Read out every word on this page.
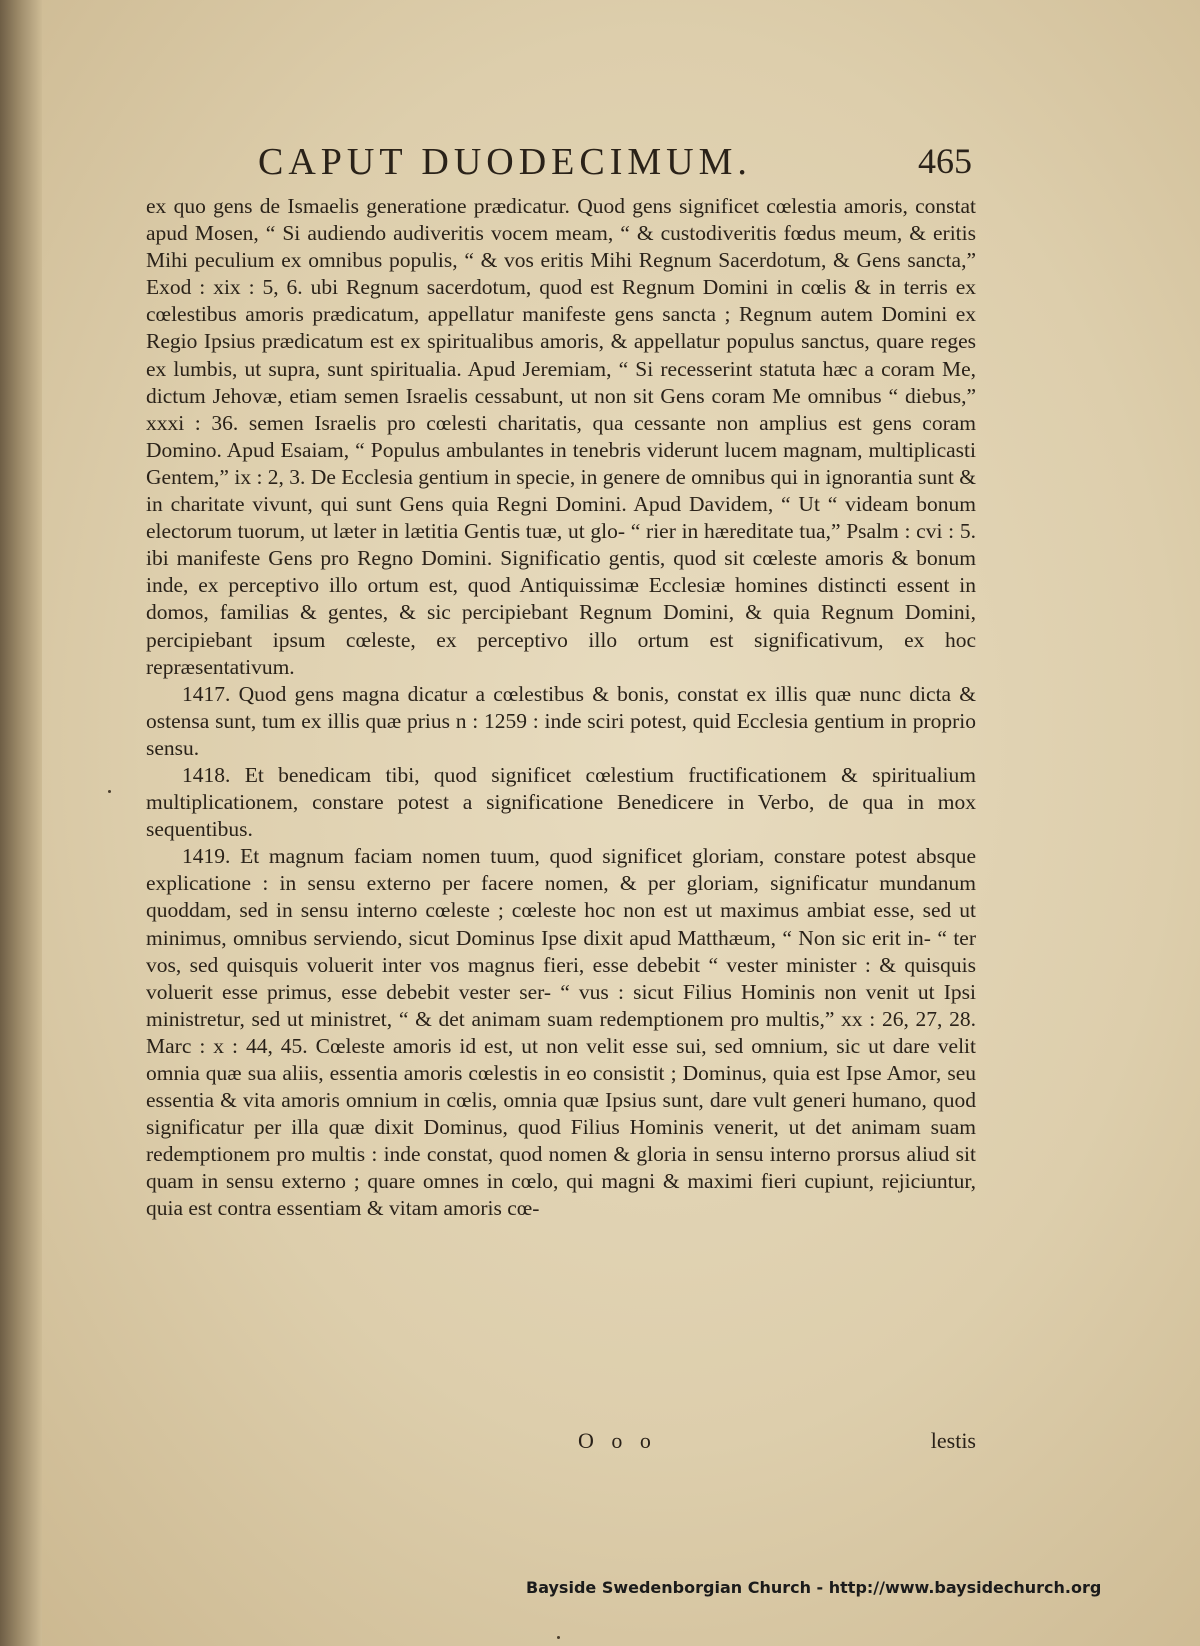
CAPUT DUODECIMUM.	465

ex quo gens de Ismaelis generatione prædicatur. Quod gens significet cœlestia amoris, constat apud Mosen, “ Si audiendo audiveritis vocem meam, “ & custodiveritis fœdus meum, & eritis Mihi peculium ex omnibus populis, “ & vos eritis Mihi Regnum Sacerdotum, & Gens sancta,” Exod : xix : 5, 6. ubi Regnum sacerdotum, quod est Regnum Domini in cœlis & in terris ex cœlestibus amoris prædicatum, appellatur manifeste gens sancta ; Regnum autem Domini ex Regio Ipsius prædicatum est ex spiritualibus amoris, & appellatur populus sanctus, quare reges ex lumbis, ut supra, sunt spiritualia. Apud Jeremiam, “ Si recesserint statuta hæc a coram Me, dictum Jehovæ, etiam semen Israelis cessabunt, ut non sit Gens coram Me omnibus “ diebus,” xxxi : 36. semen Israelis pro cœlesti charitatis, qua cessante non amplius est gens coram Domino. Apud Esaiam, “ Populus ambulantes in tenebris viderunt lucem magnam, multiplicasti Gentem,” ix : 2, 3. De Ecclesia gentium in specie, in genere de omnibus qui in ignorantia sunt & in charitate vivunt, qui sunt Gens quia Regni Domini. Apud Davidem, “ Ut “ videam bonum electorum tuorum, ut læter in lætitia Gentis tuæ, ut glo- “ rier in hæreditate tua,” Psalm : cvi : 5. ibi manifeste Gens pro Regno Domini. Significatio gentis, quod sit cœleste amoris & bonum inde, ex perceptivo illo ortum est, quod Antiquissimæ Ecclesiæ homines distincti essent in domos, familias & gentes, & sic percipiebant Regnum Domini, & quia Regnum Domini, percipiebant ipsum cœleste, ex perceptivo illo ortum est significativum, ex hoc repræsentativum.

1417. Quod gens magna dicatur a cœlestibus & bonis, constat ex illis quæ nunc dicta & ostensa sunt, tum ex illis quæ prius n : 1259 : inde sciri potest, quid Ecclesia gentium in proprio sensu.

1418. Et benedicam tibi, quod significet cœlestium fructificationem & spiritualium multiplicationem, constare potest a significatione Benedicere in Verbo, de qua in mox sequentibus.

1419. Et magnum faciam nomen tuum, quod significet gloriam, constare potest absque explicatione : in sensu externo per facere nomen, & per gloriam, significatur mundanum quoddam, sed in sensu interno cœleste ; cœleste hoc non est ut maximus ambiat esse, sed ut minimus, omnibus serviendo, sicut Dominus Ipse dixit apud Matthæum, “ Non sic erit in- “ ter vos, sed quisquis voluerit inter vos magnus fieri, esse debebit “ vester minister : & quisquis voluerit esse primus, esse debebit vester ser- “ vus : sicut Filius Hominis non venit ut Ipsi ministretur, sed ut ministret, “ & det animam suam redemptionem pro multis,” xx : 26, 27, 28. Marc : x : 44, 45. Cœleste amoris id est, ut non velit esse sui, sed omnium, sic ut dare velit omnia quæ sua aliis, essentia amoris cœlestis in eo consistit ; Dominus, quia est Ipse Amor, seu essentia & vita amoris omnium in cœlis, omnia quæ Ipsius sunt, dare vult generi humano, quod significatur per illa quæ dixit Dominus, quod Filius Hominis venerit, ut det animam suam redemptionem pro multis : inde constat, quod nomen & gloria in sensu interno prorsus aliud sit quam in sensu externo ; quare omnes in cœlo, qui magni & maximi fieri cupiunt, rejiciuntur, quia est contra essentiam & vitam amoris cœ-

O o o	lestis
Bayside Swedenborgian Church - http://www.baysidechurch.org
